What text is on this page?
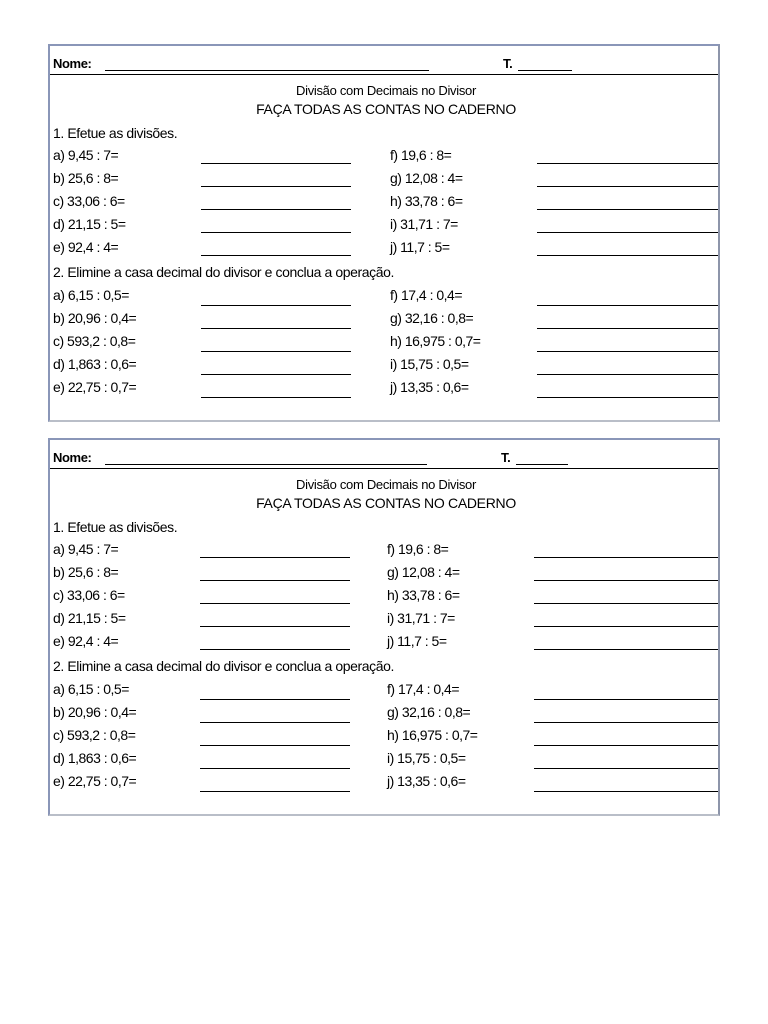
Nome:	T.
Divisão com Decimais no Divisor
FAÇA TODAS AS CONTAS NO CADERNO
1. Efetue as divisões.
a) 9,45 : 7=
b) 25,6 : 8=
c) 33,06 : 6=
d) 21,15 : 5=
e) 92,4 : 4=
f) 19,6 : 8=
g) 12,08 : 4=
h) 33,78 : 6=
i) 31,71 : 7=
j) 11,7 : 5=
2. Elimine a casa decimal do divisor e conclua a operação.
a) 6,15 : 0,5=
b) 20,96 : 0,4=
c) 593,2 : 0,8=
d) 1,863 : 0,6=
e) 22,75 : 0,7=
f) 17,4 : 0,4=
g) 32,16 : 0,8=
h) 16,975 : 0,7=
i) 15,75 : 0,5=
j) 13,35 : 0,6=
Nome:	T.
Divisão com Decimais no Divisor
FAÇA TODAS AS CONTAS NO CADERNO
1. Efetue as divisões.
a) 9,45 : 7=
b) 25,6 : 8=
c) 33,06 : 6=
d) 21,15 : 5=
e) 92,4 : 4=
f) 19,6 : 8=
g) 12,08 : 4=
h) 33,78 : 6=
i) 31,71 : 7=
j) 11,7 : 5=
2. Elimine a casa decimal do divisor e conclua a operação.
a) 6,15 : 0,5=
b) 20,96 : 0,4=
c) 593,2 : 0,8=
d) 1,863 : 0,6=
e) 22,75 : 0,7=
f) 17,4 : 0,4=
g) 32,16 : 0,8=
h) 16,975 : 0,7=
i) 15,75 : 0,5=
j) 13,35 : 0,6=
